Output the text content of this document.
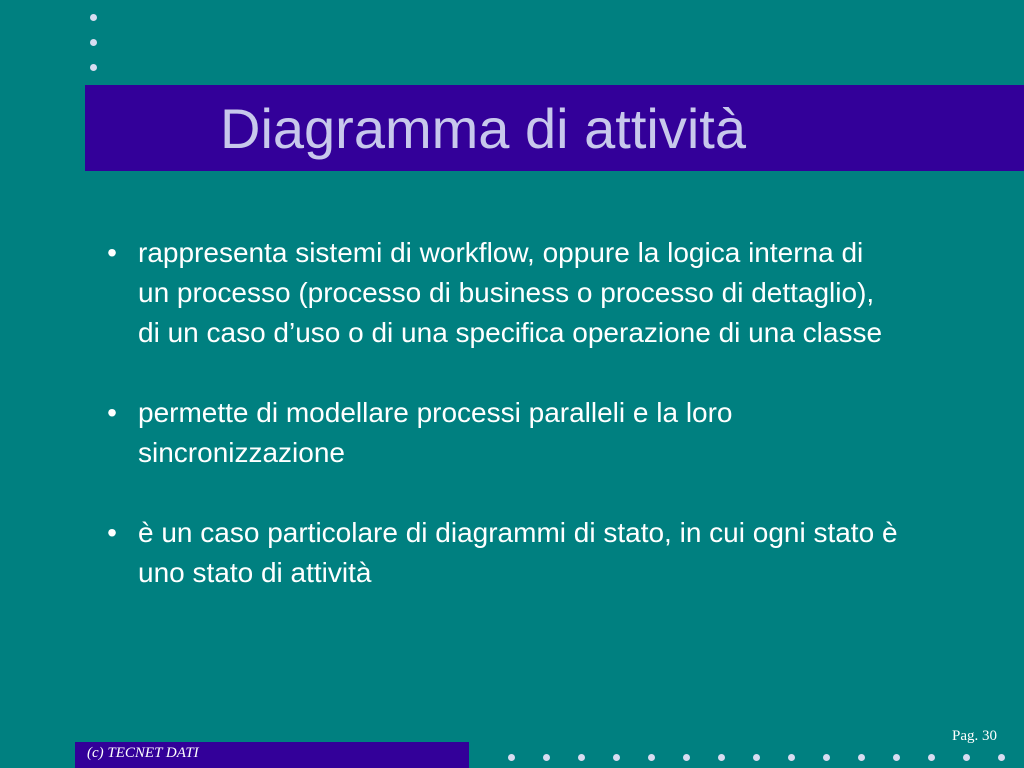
Diagramma di attività
• rappresenta sistemi di workflow, oppure la logica interna di un processo (processo di business o processo di dettaglio), di un caso d’uso o di una specifica operazione di una classe
• permette di modellare processi paralleli e la loro sincronizzazione
• è un caso particolare di diagrammi di stato, in cui ogni stato è uno stato di attività
(c) TECNET DATI
Pag. 30
